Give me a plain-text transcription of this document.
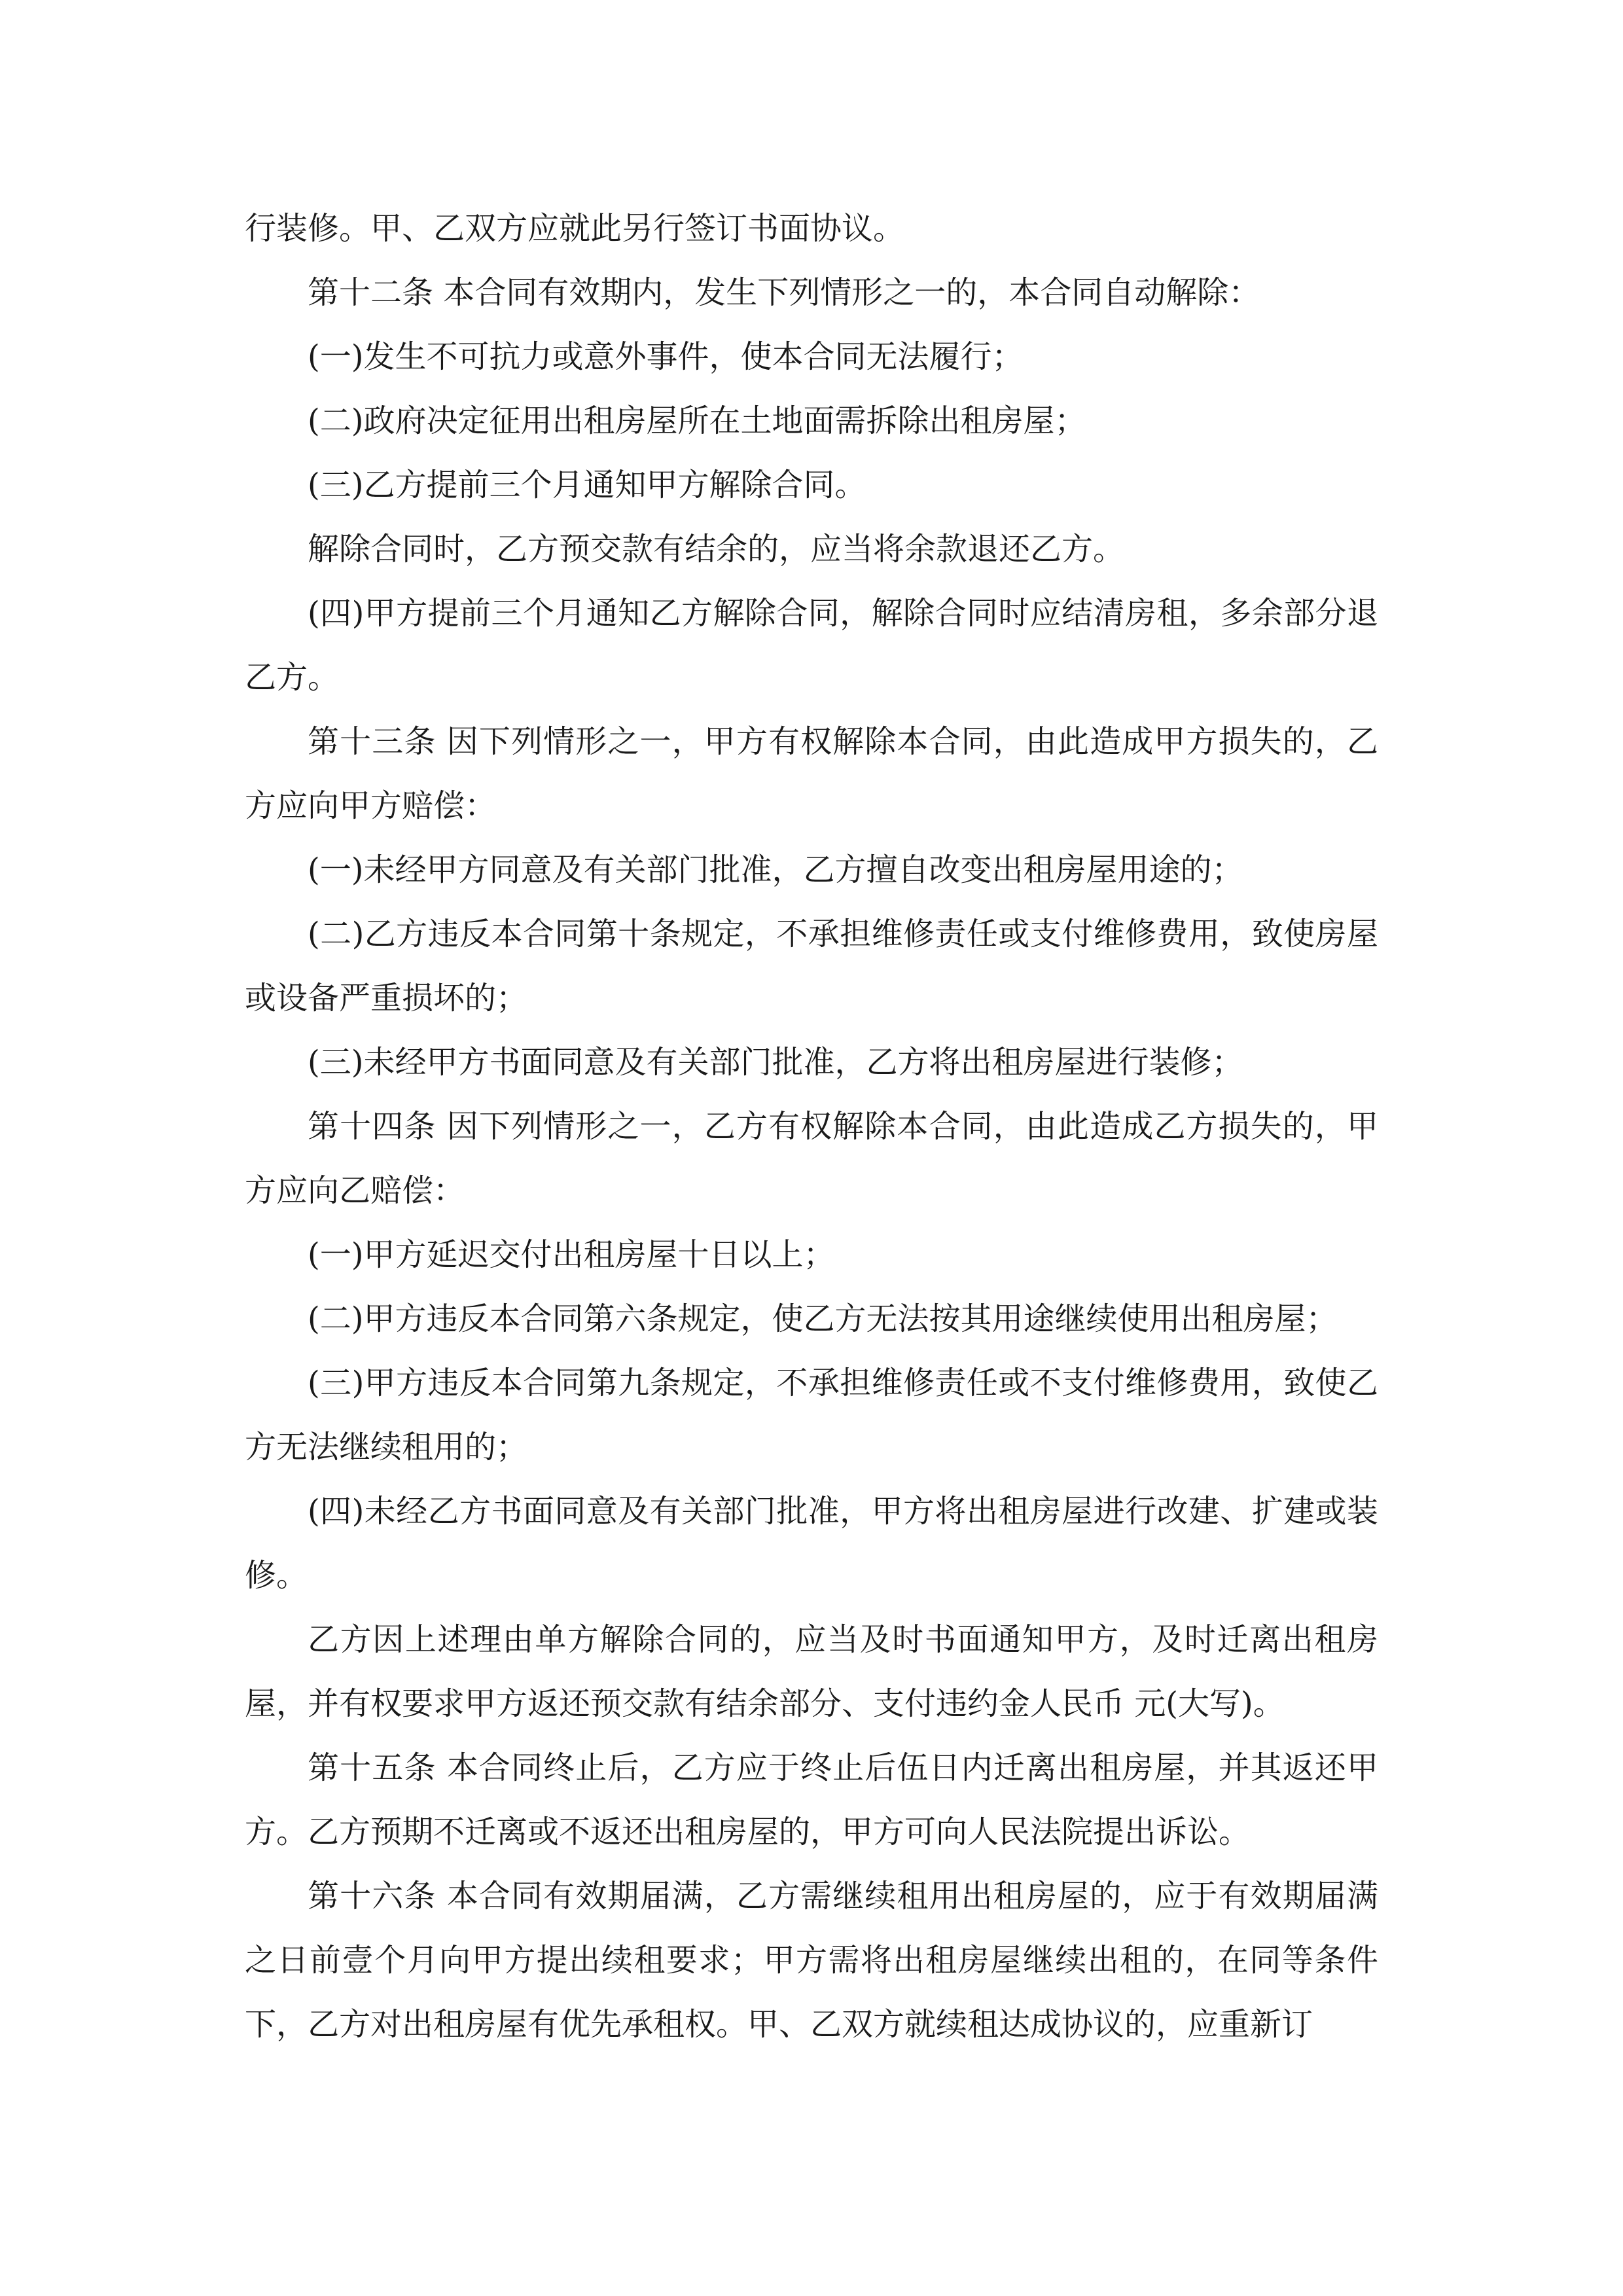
行装修。甲、乙双方应就此另行签订书面协议。

第十二条 本合同有效期内，发生下列情形之一的，本合同自动解除：

(一)发生不可抗力或意外事件，使本合同无法履行；

(二)政府决定征用出租房屋所在土地面需拆除出租房屋；

(三)乙方提前三个月通知甲方解除合同。

解除合同时，乙方预交款有结余的，应当将余款退还乙方。

(四)甲方提前三个月通知乙方解除合同，解除合同时应结清房租，多余部分退乙方。

第十三条 因下列情形之一，甲方有权解除本合同，由此造成甲方损失的，乙方应向甲方赔偿：

(一)未经甲方同意及有关部门批准，乙方擅自改变出租房屋用途的；

(二)乙方违反本合同第十条规定，不承担维修责任或支付维修费用，致使房屋或设备严重损坏的；

(三)未经甲方书面同意及有关部门批准，乙方将出租房屋进行装修；

第十四条 因下列情形之一，乙方有权解除本合同，由此造成乙方损失的，甲方应向乙赔偿：

(一)甲方延迟交付出租房屋十日以上；

(二)甲方违反本合同第六条规定，使乙方无法按其用途继续使用出租房屋；

(三)甲方违反本合同第九条规定，不承担维修责任或不支付维修费用，致使乙方无法继续租用的；

(四)未经乙方书面同意及有关部门批准，甲方将出租房屋进行改建、扩建或装修。

乙方因上述理由单方解除合同的，应当及时书面通知甲方，及时迁离出租房屋，并有权要求甲方返还预交款有结余部分、支付违约金人民币 元(大写)。

第十五条 本合同终止后，乙方应于终止后伍日内迁离出租房屋，并其返还甲方。乙方预期不迁离或不返还出租房屋的，甲方可向人民法院提出诉讼。

第十六条 本合同有效期届满，乙方需继续租用出租房屋的，应于有效期届满之日前壹个月向甲方提出续租要求；甲方需将出租房屋继续出租的，在同等条件下，乙方对出租房屋有优先承租权。甲、乙双方就续租达成协议的，应重新订
